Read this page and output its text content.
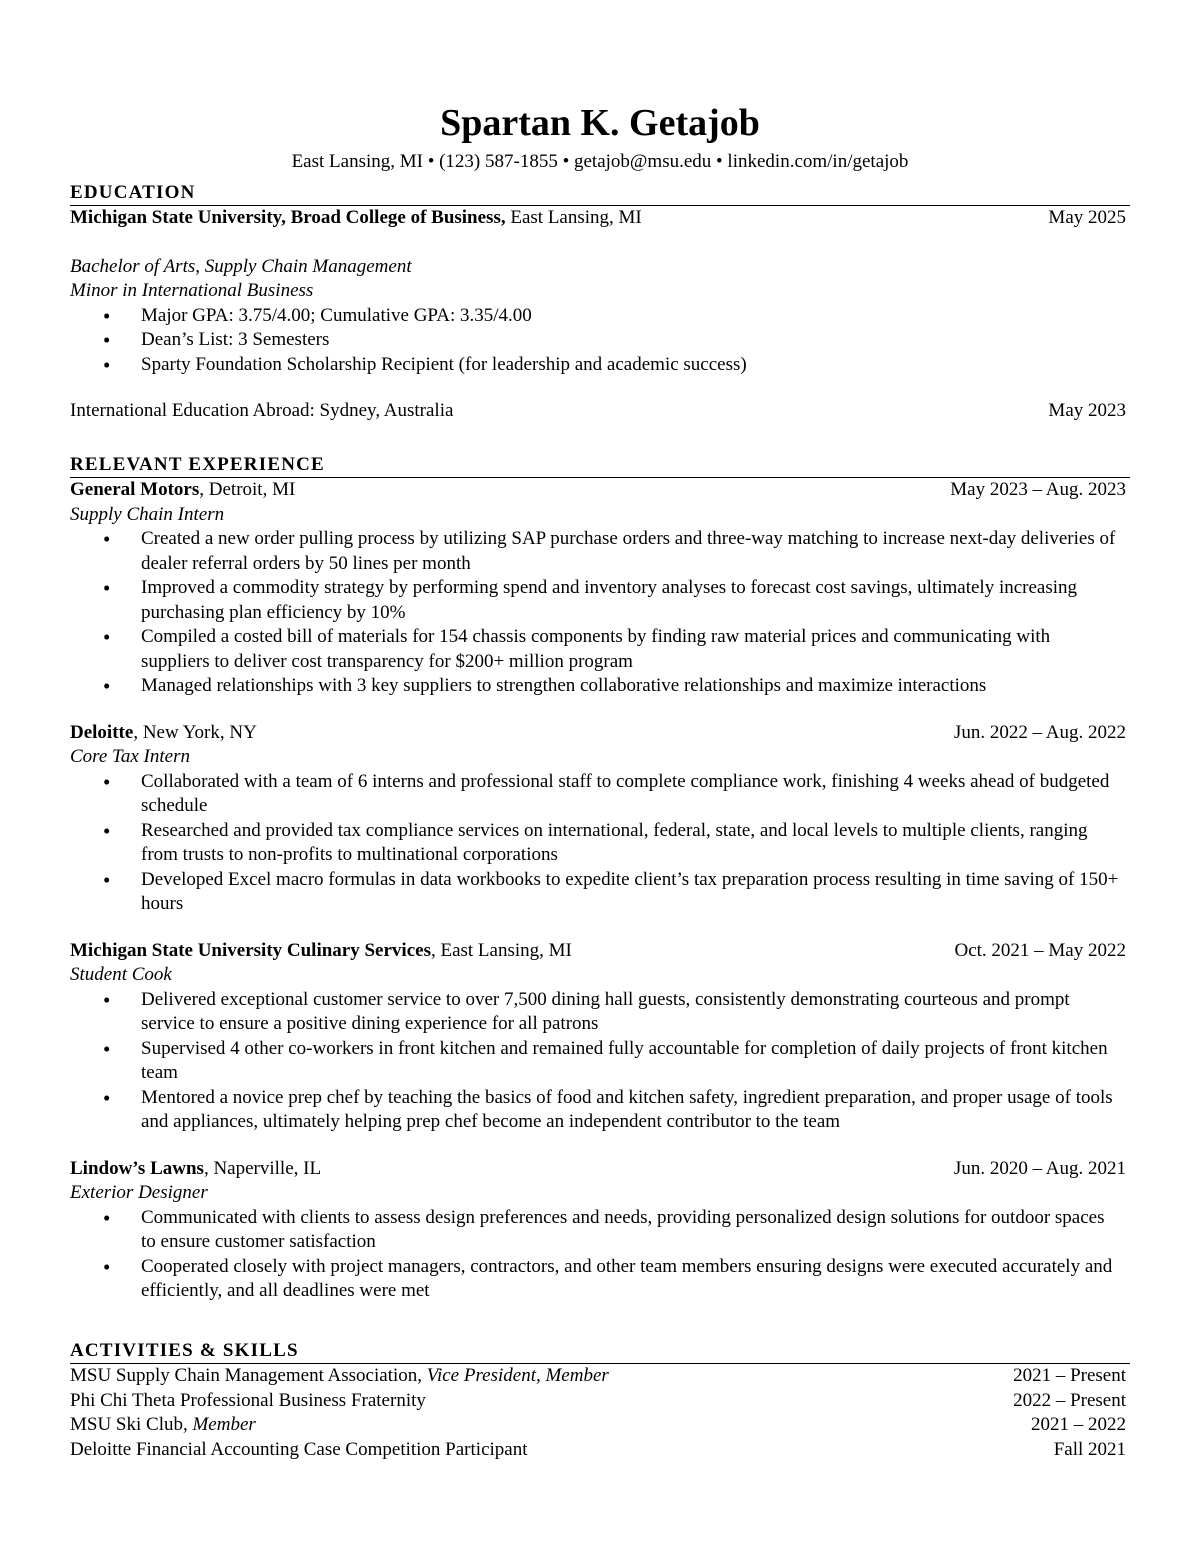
Spartan K. Getajob
East Lansing, MI • (123) 587-1855 • getajob@msu.edu • linkedin.com/in/getajob
EDUCATION
Michigan State University, Broad College of Business, East Lansing, MI	May 2025
Bachelor of Arts, Supply Chain Management
Minor in International Business
• Major GPA: 3.75/4.00; Cumulative GPA: 3.35/4.00
• Dean’s List: 3 Semesters
• Sparty Foundation Scholarship Recipient (for leadership and academic success)
International Education Abroad: Sydney, Australia	May 2023
RELEVANT EXPERIENCE
General Motors, Detroit, MI	May 2023 – Aug. 2023
Supply Chain Intern
• Created a new order pulling process by utilizing SAP purchase orders and three-way matching to increase next-day deliveries of dealer referral orders by 50 lines per month
• Improved a commodity strategy by performing spend and inventory analyses to forecast cost savings, ultimately increasing purchasing plan efficiency by 10%
• Compiled a costed bill of materials for 154 chassis components by finding raw material prices and communicating with suppliers to deliver cost transparency for $200+ million program
• Managed relationships with 3 key suppliers to strengthen collaborative relationships and maximize interactions
Deloitte, New York, NY	Jun. 2022 – Aug. 2022
Core Tax Intern
• Collaborated with a team of 6 interns and professional staff to complete compliance work, finishing 4 weeks ahead of budgeted schedule
• Researched and provided tax compliance services on international, federal, state, and local levels to multiple clients, ranging from trusts to non-profits to multinational corporations
• Developed Excel macro formulas in data workbooks to expedite client’s tax preparation process resulting in time saving of 150+ hours
Michigan State University Culinary Services, East Lansing, MI	Oct. 2021 – May 2022
Student Cook
• Delivered exceptional customer service to over 7,500 dining hall guests, consistently demonstrating courteous and prompt service to ensure a positive dining experience for all patrons
• Supervised 4 other co-workers in front kitchen and remained fully accountable for completion of daily projects of front kitchen team
• Mentored a novice prep chef by teaching the basics of food and kitchen safety, ingredient preparation, and proper usage of tools and appliances, ultimately helping prep chef become an independent contributor to the team
Lindow’s Lawns, Naperville, IL	Jun. 2020 – Aug. 2021
Exterior Designer
• Communicated with clients to assess design preferences and needs, providing personalized design solutions for outdoor spaces to ensure customer satisfaction
• Cooperated closely with project managers, contractors, and other team members ensuring designs were executed accurately and efficiently, and all deadlines were met
ACTIVITIES & SKILLS
MSU Supply Chain Management Association, Vice President, Member	2021 – Present
Phi Chi Theta Professional Business Fraternity	2022 – Present
MSU Ski Club, Member	2021 – 2022
Deloitte Financial Accounting Case Competition Participant	Fall 2021
